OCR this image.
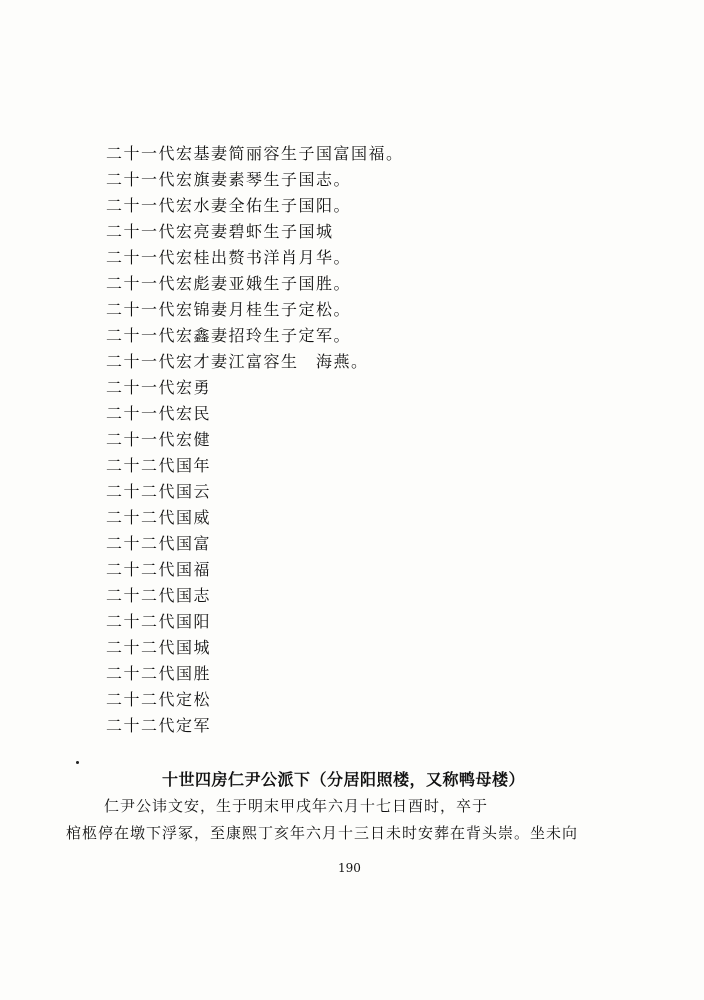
二十一代宏基妻简丽容生子国富国福。
二十一代宏旗妻素琴生子国志。
二十一代宏水妻全佑生子国阳。
二十一代宏亮妻碧虾生子国城
二十一代宏桂出赘书洋肖月华。
二十一代宏彪妻亚娥生子国胜。
二十一代宏锦妻月桂生子定松。
二十一代宏鑫妻招玲生子定军。
二十一代宏才妻江富容生　海燕。
二十一代宏勇
二十一代宏民
二十一代宏健
二十二代国年
二十二代国云
二十二代国威
二十二代国富
二十二代国福
二十二代国志
二十二代国阳
二十二代国城
二十二代国胜
二十二代定松
二十二代定军
十世四房仁尹公派下（分居阳照楼，又称鸭母楼）
仁尹公讳文安，生于明末甲戌年六月十七日酉时，卒于
棺柩停在墩下浮冢，至康熙丁亥年六月十三日未时安葬在背头崇。坐未向
190
